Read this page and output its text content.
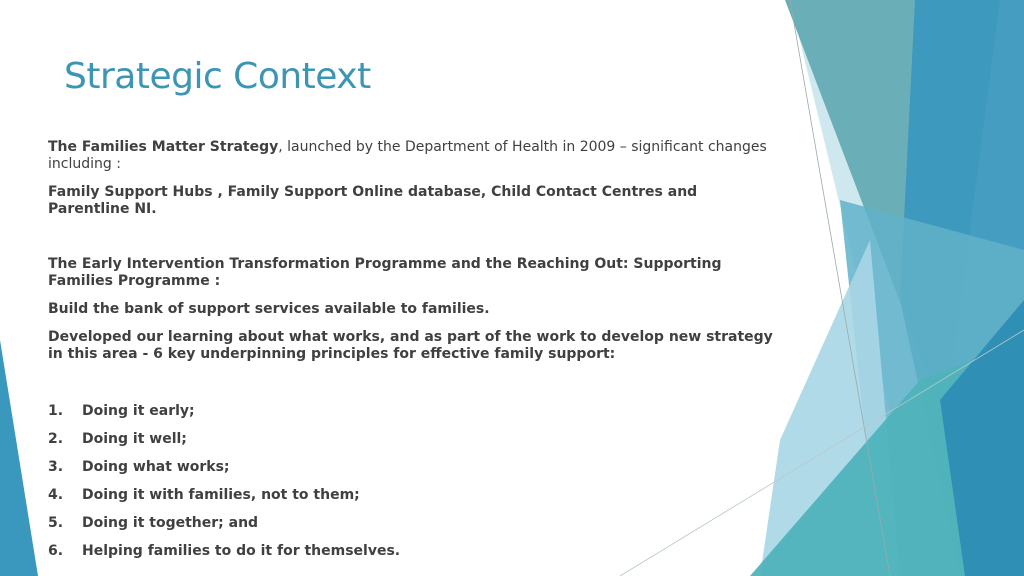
Strategic Context

The Families Matter Strategy, launched by the Department of Health in 2009 – significant changes including :

Family Support Hubs , Family Support Online database, Child Contact Centres and Parentline NI.

The Early Intervention Transformation Programme and the Reaching Out: Supporting Families Programme :

Build the bank of support services available to families.

Developed our learning about what works, and as part of the work to develop new strategy in this area - 6 key underpinning principles for effective family support:

1.	Doing it early;
2.	Doing it well;
3.	Doing what works;
4.	Doing it with families, not to them;
5.	Doing it together; and
6.	Helping families to do it for themselves.
